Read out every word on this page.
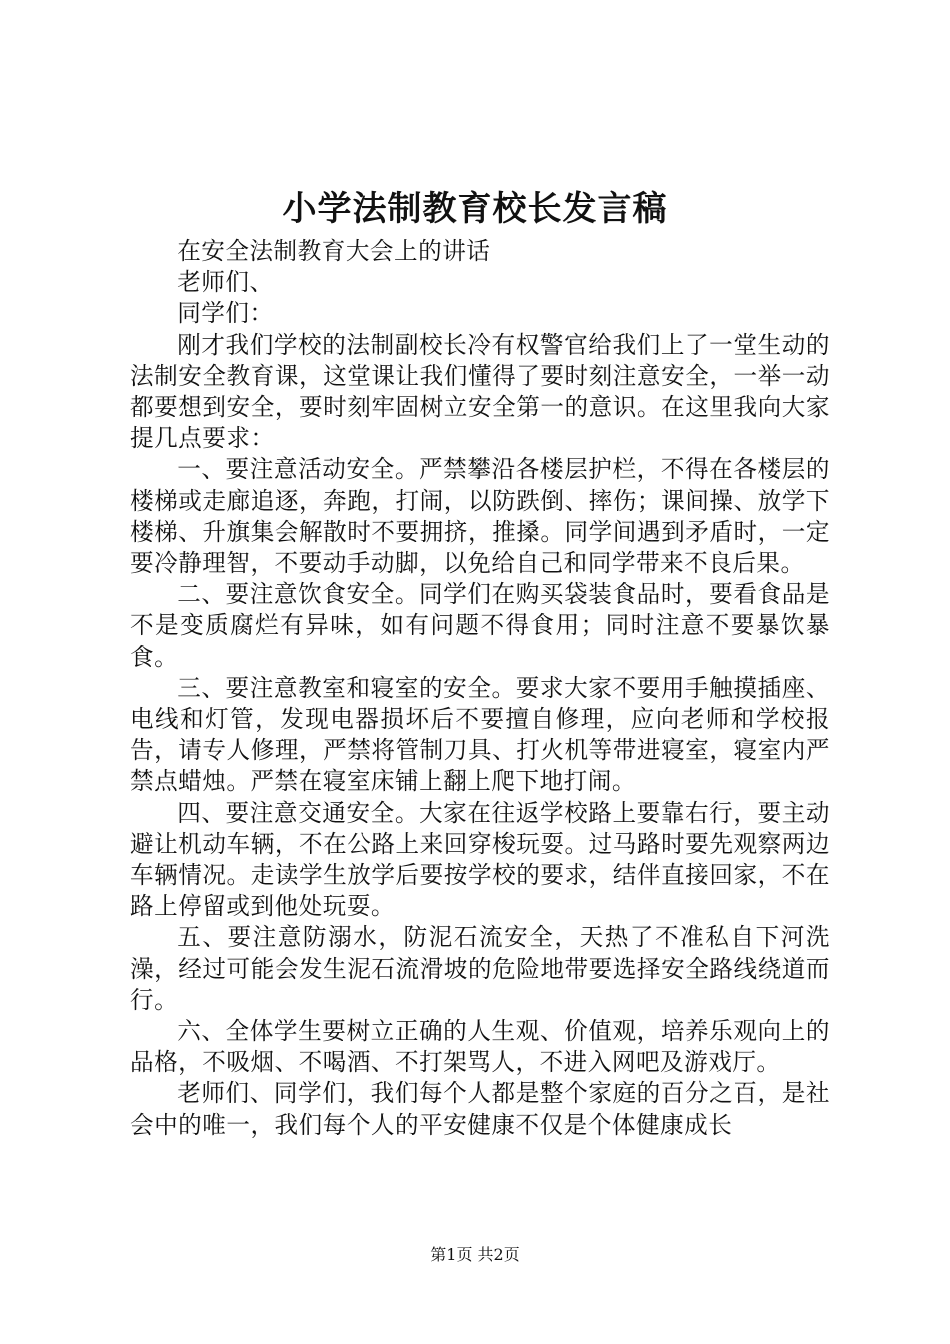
小学法制教育校长发言稿

在安全法制教育大会上的讲话

老师们、

同学们：

刚才我们学校的法制副校长冷有权警官给我们上了一堂生动的法制安全教育课，这堂课让我们懂得了要时刻注意安全，一举一动都要想到安全，要时刻牢固树立安全第一的意识。在这里我向大家提几点要求：

一、要注意活动安全。严禁攀沿各楼层护栏，不得在各楼层的楼梯或走廊追逐，奔跑，打闹，以防跌倒、摔伤；课间操、放学下楼梯、升旗集会解散时不要拥挤，推搡。同学间遇到矛盾时，一定要冷静理智，不要动手动脚，以免给自己和同学带来不良后果。

二、要注意饮食安全。同学们在购买袋装食品时，要看食品是不是变质腐烂有异味，如有问题不得食用；同时注意不要暴饮暴食。

三、要注意教室和寝室的安全。要求大家不要用手触摸插座、电线和灯管，发现电器损坏后不要擅自修理，应向老师和学校报告，请专人修理，严禁将管制刀具、打火机等带进寝室，寝室内严禁点蜡烛。严禁在寝室床铺上翻上爬下地打闹。

四、要注意交通安全。大家在往返学校路上要靠右行，要主动避让机动车辆，不在公路上来回穿梭玩耍。过马路时要先观察两边车辆情况。走读学生放学后要按学校的要求，结伴直接回家，不在路上停留或到他处玩耍。

五、要注意防溺水，防泥石流安全，天热了不准私自下河洗澡，经过可能会发生泥石流滑坡的危险地带要选择安全路线绕道而行。

六、全体学生要树立正确的人生观、价值观，培养乐观向上的品格，不吸烟、不喝酒、不打架骂人，不进入网吧及游戏厅。

老师们、同学们，我们每个人都是整个家庭的百分之百，是社会中的唯一，我们每个人的平安健康不仅是个体健康成长

第1页 共2页
